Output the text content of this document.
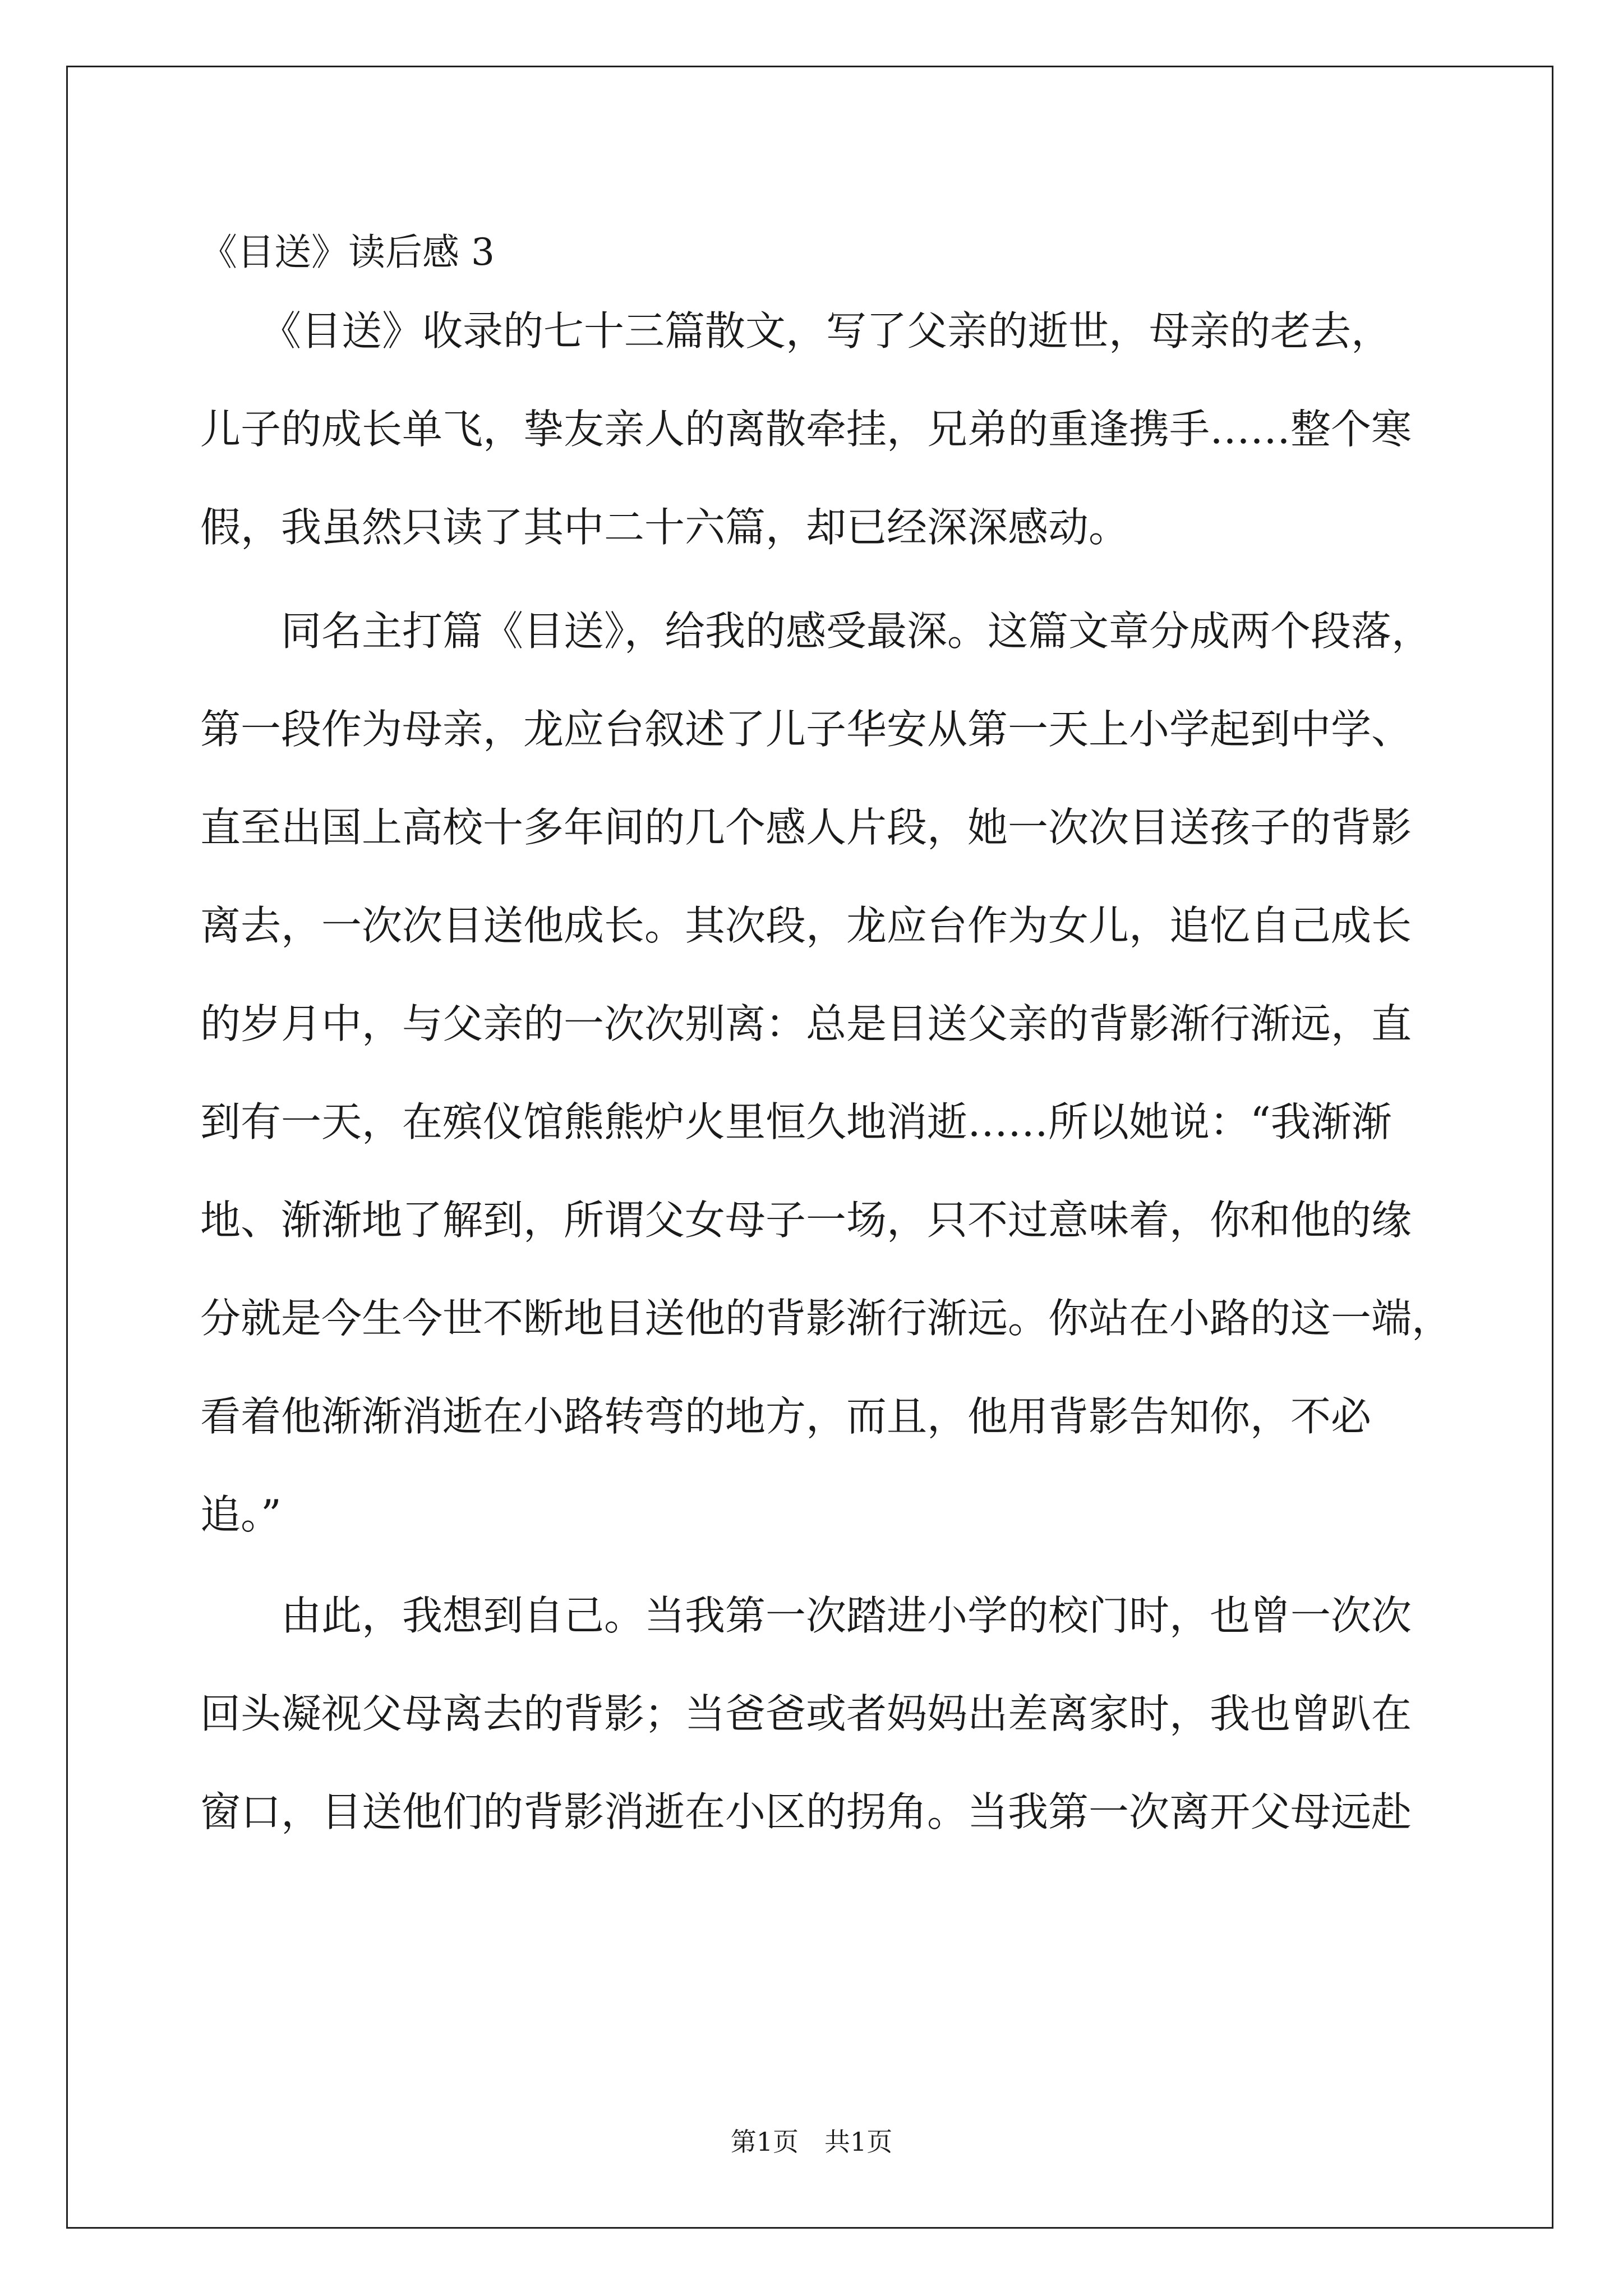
《目送》读后感 3

　　《目送》收录的七十三篇散文，写了父亲的逝世，母亲的老去，

儿子的成长单飞，挚友亲人的离散牵挂，兄弟的重逢携手……整个寒

假，我虽然只读了其中二十六篇，却已经深深感动。

　　同名主打篇《目送》，给我的感受最深。这篇文章分成两个段落，

第一段作为母亲，龙应台叙述了儿子华安从第一天上小学起到中学、

直至出国上高校十多年间的几个感人片段，她一次次目送孩子的背影

离去，一次次目送他成长。其次段，龙应台作为女儿，追忆自己成长

的岁月中，与父亲的一次次别离：总是目送父亲的背影渐行渐远，直

到有一天，在殡仪馆熊熊炉火里恒久地消逝……所以她说：“我渐渐

地、渐渐地了解到，所谓父女母子一场，只不过意味着，你和他的缘

分就是今生今世不断地目送他的背影渐行渐远。你站在小路的这一端，

看着他渐渐消逝在小路转弯的地方，而且，他用背影告知你，不必

追。”

　　由此，我想到自己。当我第一次踏进小学的校门时，也曾一次次

回头凝视父母离去的背影；当爸爸或者妈妈出差离家时，我也曾趴在

窗口，目送他们的背影消逝在小区的拐角。当我第一次离开父母远赴

第1页　共1页
